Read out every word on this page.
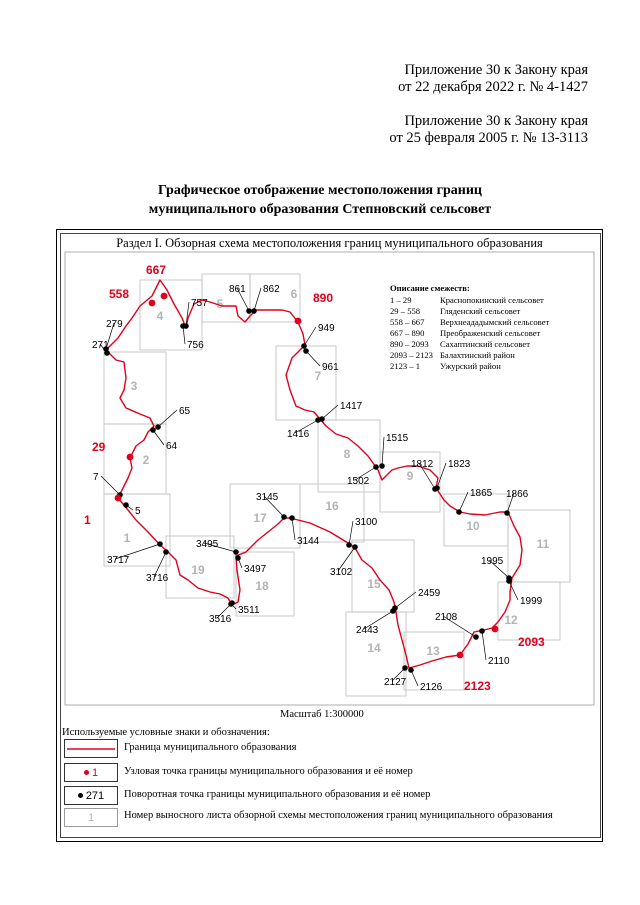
Приложение 30 к Закону края
от 22 декабря 2022 г. № 4-1427
Приложение 30 к Закону края
от 25 февраля 2005 г. № 13-3113
Графическое отображение местоположения границ
муниципального образования Степновский сельсовет
Раздел I. Обзорная схема местоположения границ муниципального образования
1
2
3
4
5
6
7
8
9
10
11
12
13
14
15
16
17
18
19
7
5
3717
3716
3495
3497
3511
3516
3145
3144
3100
3102
2459
2443
2127 2126
2110
2108
1999
1995
1866
1865
1823
1812
1515
1502
1417
1416
961
949
862
861
757
756
279
271
65
64
1
29
558
667
890
2093
2123
Описание смежеств:
1 – 29	Краснопокинский сельсовет
29 – 558	Гляденский сельсовет
558 – 667	Верхнеададымский сельсовет
667 – 890	Преображенский сельсовет
890 – 2093	Сахаптинский сельсовет
2093 – 2123 Балахтинский район
2123 – 1	Ужурский район
Масштаб 1:300000
Используемые условные знаки и обозначения:
Граница муниципального образования
1 Узловая точка границы муниципального образования и её номер
271 Поворотная точка границы муниципального образования и её номер
1	Номер выносного листа обзорной схемы местоположения границ муниципального образования
